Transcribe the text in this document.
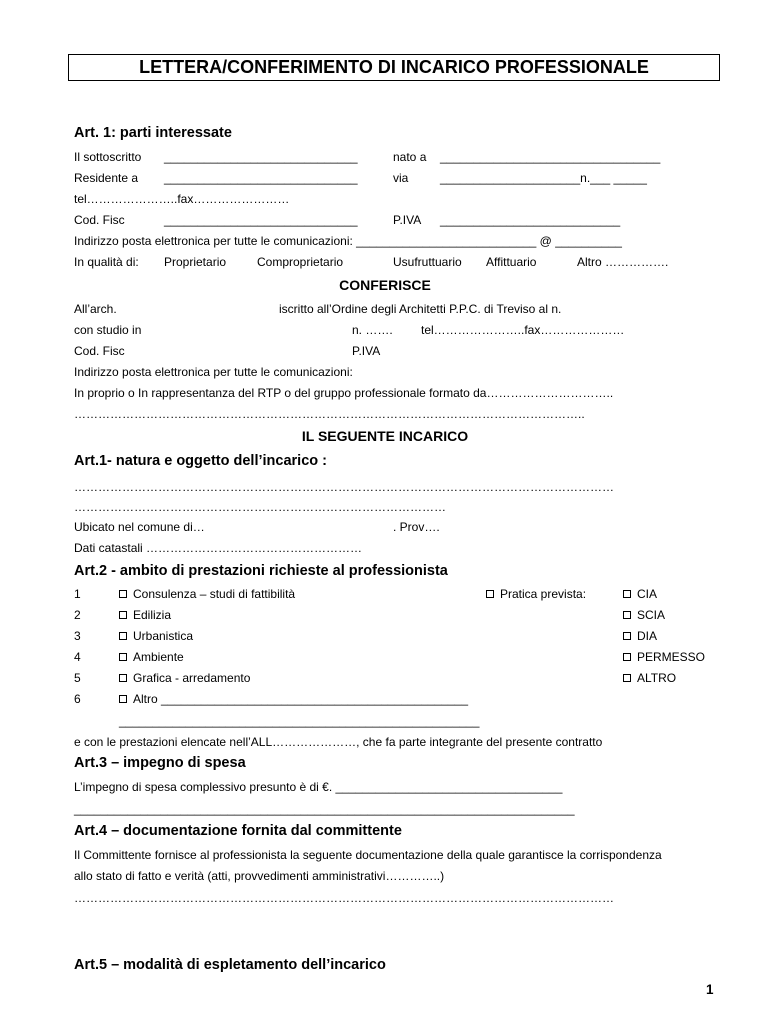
LETTERA/CONFERIMENTO DI INCARICO PROFESSIONALE
Art. 1: parti interessate
Il sottoscritto _____________________________	nato a _________________________________
Residente a _____________________________	via	_____________________n.___ _____
tel…………………..fax……………………
Cod. Fisc	_____________________________	P.IVA ___________________________
Indirizzo posta elettronica per tutte le comunicazioni: ___________________________ @ __________
In qualità di: Proprietario	Comproprietario	Usufruttuario Affittuario	Altro …………….
CONFERISCE
All’arch.	iscritto all’Ordine degli Architetti P.P.C. di Treviso al n.
con studio in	n. ……. tel…………………..fax…………………
Cod. Fisc	P.IVA
Indirizzo posta elettronica per tutte le comunicazioni:
In proprio o In rappresentanza del RTP o del gruppo professionale formato da…………………………..
………………………………………………………………………………………………………………..
IL SEGUENTE INCARICO
Art.1- natura e oggetto dell’incarico :
………………………………………………………………………………………………………………………
…………………………………………………………………………………
Ubicato nel comune di…	. Prov….
Dati catastali ………………………………………………
Art.2 - ambito di prestazioni richieste al professionista
1	Consulenza – studi di fattibilità	Pratica prevista:	CIA
2	Edilizia	SCIA
3	Urbanistica	DIA
4	Ambiente	PERMESSO
5	Grafica - arredamento	ALTRO
6	Altro ______________________________________________
______________________________________________________
e con le prestazioni elencate nell’ALL…………………, che fa parte integrante del presente contratto
Art.3 – impegno di spesa
L’impegno di spesa complessivo presunto è di €. __________________________________
___________________________________________________________________________
Art.4 – documentazione fornita dal committente
Il Committente fornisce al professionista la seguente documentazione della quale garantisce la corrispondenza
allo stato di fatto e verità (atti, provvedimenti amministrativi…………..)
………………………………………………………………………………………………………………………
Art.5 – modalità di espletamento dell’incarico
1
